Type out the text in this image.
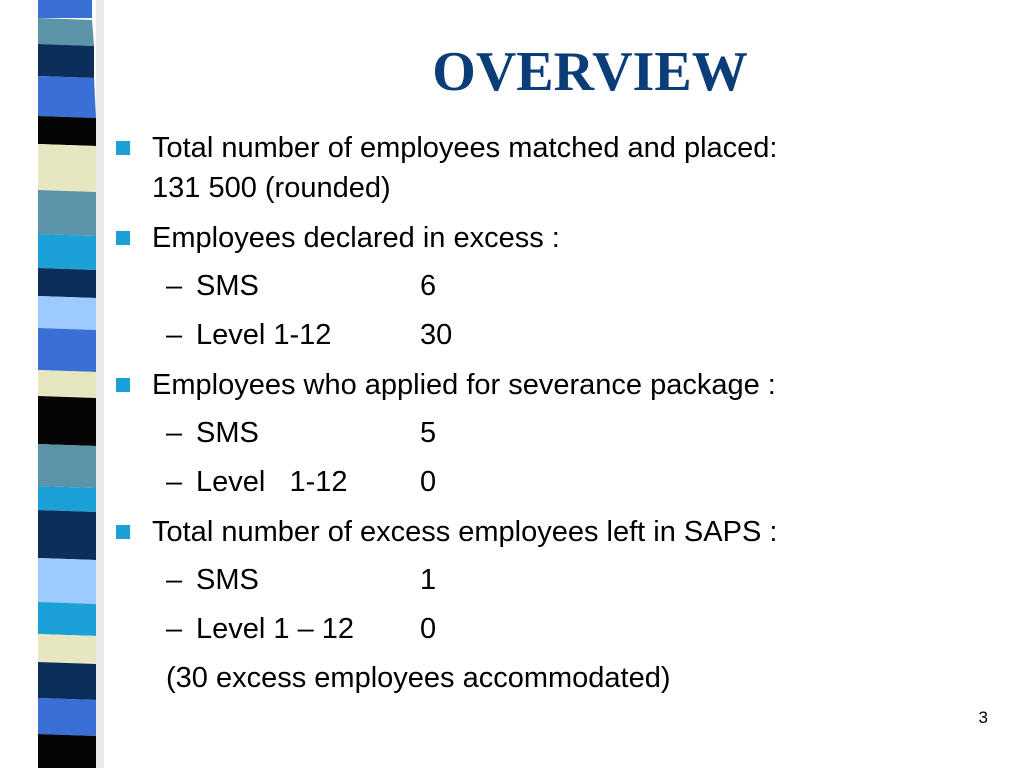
OVERVIEW
Total number of employees matched and placed:
131 500 (rounded)
Employees declared in excess :
– SMS	6
– Level 1-12	30
Employees who applied for severance package :
– SMS	5
– Level   1-12 0
Total number of excess employees left in SAPS :
– SMS	1
– Level 1 – 12 0
(30 excess employees accommodated)
3
